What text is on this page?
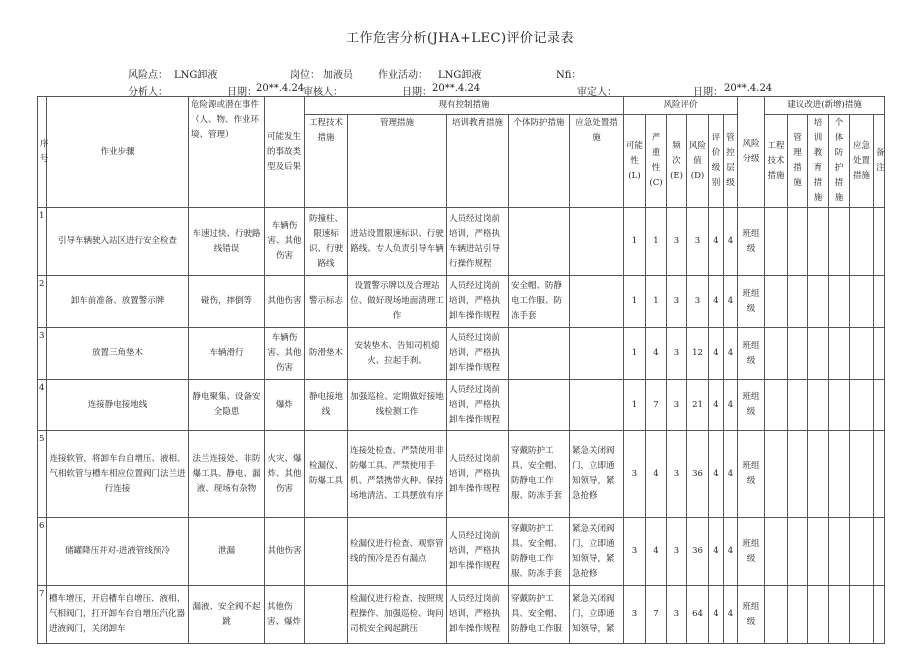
工作危害分析(JHA+LEC)评价记录表
风险点： LNG卸液	岗位： 加液员	作业活动： LNG卸液	Nfi：
分析人：	日期： 20**.4.24
审核人：	日期： 20**.4.24	审定人：	日期： 20**.4.24
序号	作业步骤	危险源或潜在事件（人、物、作业环境、管理）	可能发生的事故类型及后果	现有控制措施					风险评价						风险分级	建议改进(新增)措施					
				工程技术措施	管理措施	培训教育措施	个体防护措施	应急处置措施	可能性(L)	严重性(C)	频次(E)	风险值(D)	评价级别	管控层级		工程技术措施	管理措施	培训教育措施	个体防护措施	应急处置措施	备注
1	引导车辆驶入站区进行安全检查	车速过快、行驶路线错误	车辆伤害、其他伤害	防撞柱、限速标识、行驶路线	进站设置限速标识、行驶路线、专人负责引导车辆	人员经过岗前培训，严格执车辆进站引导行操作规程			1	1	3	3	4	4	班组级						
2	卸车前准备、放置警示牌	碰伤，摔倒等	其他伤害	警示标志	设置警示牌以及合理站位、做好现场地面清理工作	人员经过岗前培训，严格执卸车操作规程	安全帽、防静电工作服、防冻手套		1	1	3	3	4	4	班组级						
3	放置三角垫木	车辆滑行	车辆伤害、其他伤害	防滑垫木	安装垫木、告知司机熄火、拉起手刹、	人员经过岗前培训，严格执卸车操作规程			1	4	3	12	4	4	班组级						
4	连接静电接地线	静电聚集、设备安全隐患	爆炸	静电接地线	加强巡检、定期做好接地线检测工作	人员经过岗前培训，严格执卸车操作规程			1	7	3	21	4	4	班组级						
5	连接软管，将卸车台自增压、液相、气相软管与槽车相应位置阀门法兰进行连接	法兰连接处、非防爆工具、静电、漏液、现场有杂物	火灾、爆炸、其他伤害	检漏仪、防爆工具	连接处检查、严禁使用非防爆工具、严禁使用手机、严禁携带火种、保持场地清洁、工具摆放有序	人员经过岗前培训，严格执卸车操作规程	穿戴防护工具、安全帽、防静电工作服、防冻手套	紧急关闭阀门，立即通知领导，紧急抢修	3	4	3	36	4	4	班组级						
6	储罐降压并对-进液管线预冷	泄漏	其他伤害		检漏仪进行检查、观察管线的预冷是否有漏点	人员经过岗前培训，严格执卸车操作规程	穿戴防护工具、安全帽、防静电工作服、防冻手套	紧急关闭阀门，立即通知领导，紧急抢修	3	4	3	36	4	4	班组级						
7	槽车增压，开启槽车自增压、液相、气相阀门，打开卸车台自增压汽化器进液阀门，关闭卸车	漏液、安全阀不起跳	其他伤害、爆炸		检漏仪进行检查、按照规程操作、加强巡检、询问司机安全阀起跳压	人员经过岗前培训，严格执卸车操作规程	穿戴防护工具、安全帽、防静电工作服	紧急关闭阀门，立即通知领导，紧	3	7	3	64	4	4	班组级						
